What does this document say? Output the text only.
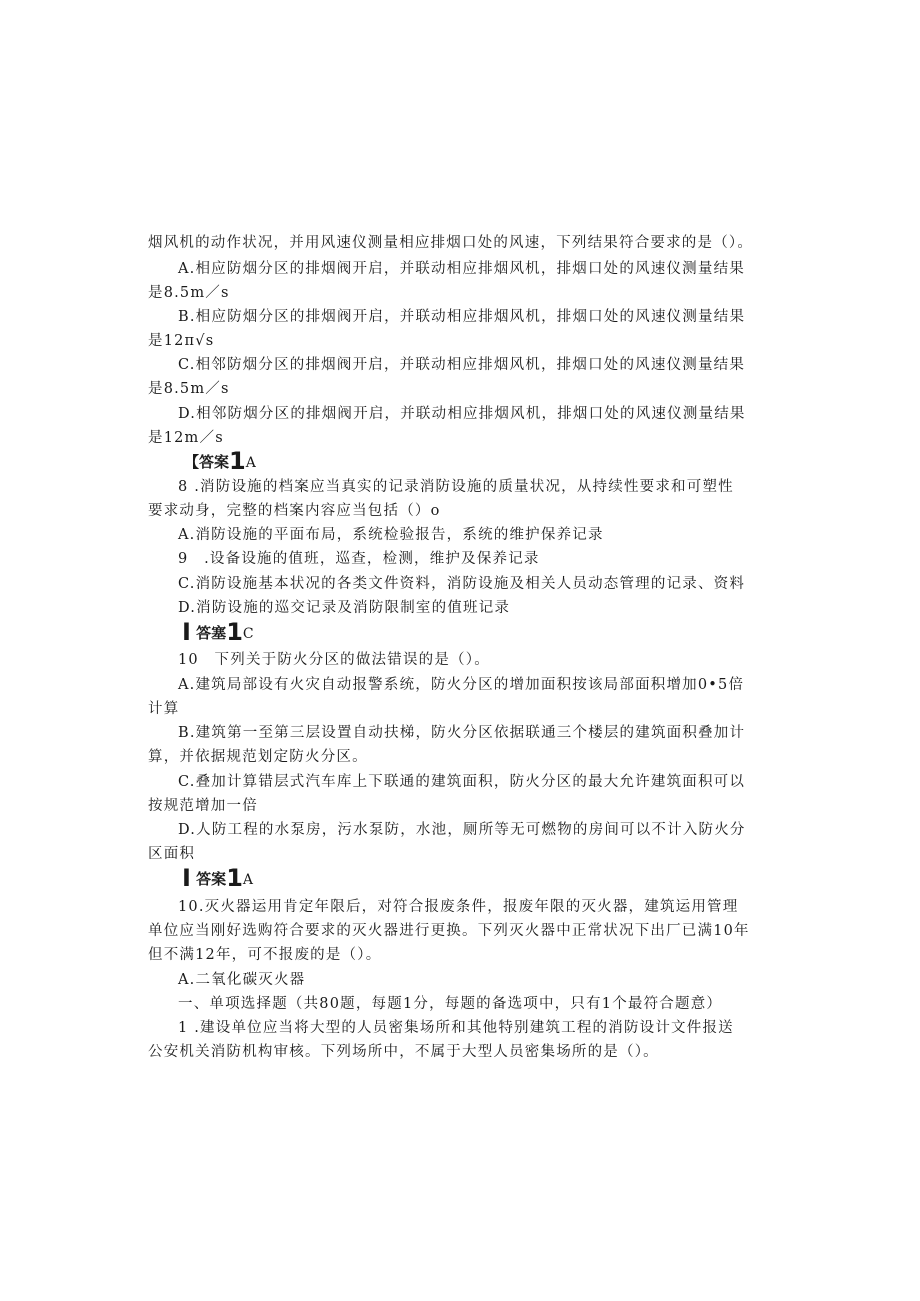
烟风机的动作状况，并用风速仪测量相应排烟口处的风速，下列结果符合要求的是（）。
A.相应防烟分区的排烟阀开启，并联动相应排烟风机，排烟口处的风速仪测量结果
是8.5m／s
B.相应防烟分区的排烟阀开启，并联动相应排烟风机，排烟口处的风速仪测量结果
是12π√s
C.相邻防烟分区的排烟阀开启，并联动相应排烟风机，排烟口处的风速仪测量结果
是8.5m／s
D.相邻防烟分区的排烟阀开启，并联动相应排烟风机，排烟口处的风速仪测量结果
是12m／s
【答案1A
8 .消防设施的档案应当真实的记录消防设施的质量状况，从持续性要求和可塑性
要求动身，完整的档案内容应当包括（）o
A.消防设施的平面布局，系统检验报告，系统的维护保养记录
9　.设备设施的值班，巡查，检测，维护及保养记录
C.消防设施基本状况的各类文件资料，消防设施及相关人员动态管理的记录、资料
D.消防设施的巡交记录及消防限制室的值班记录
I 答塞1C
10　下列关于防火分区的做法错误的是（）。
A.建筑局部设有火灾自动报警系统，防火分区的增加面积按该局部面积增加0•5倍
计算
B.建筑第一至第三层设置自动扶梯，防火分区依据联通三个楼层的建筑面积叠加计
算，并依据规范划定防火分区。
C.叠加计算错层式汽车库上下联通的建筑面积，防火分区的最大允许建筑面积可以
按规范增加一倍
D.人防工程的水泵房，污水泵防，水池，厕所等无可燃物的房间可以不计入防火分
区面积
I 答案1A
10.灭火器运用肯定年限后，对符合报废条件，报废年限的灭火器，建筑运用管理
单位应当刚好选购符合要求的灭火器进行更换。下列灭火器中正常状况下出厂已满10年
但不满12年，可不报废的是（）。
A.二氧化碳灭火器
一、单项选择题（共80题，每题1分，每题的备选项中，只有1个最符合题意）
1 .建设单位应当将大型的人员密集场所和其他特别建筑工程的消防设计文件报送
公安机关消防机构审核。下列场所中，不属于大型人员密集场所的是（）。
